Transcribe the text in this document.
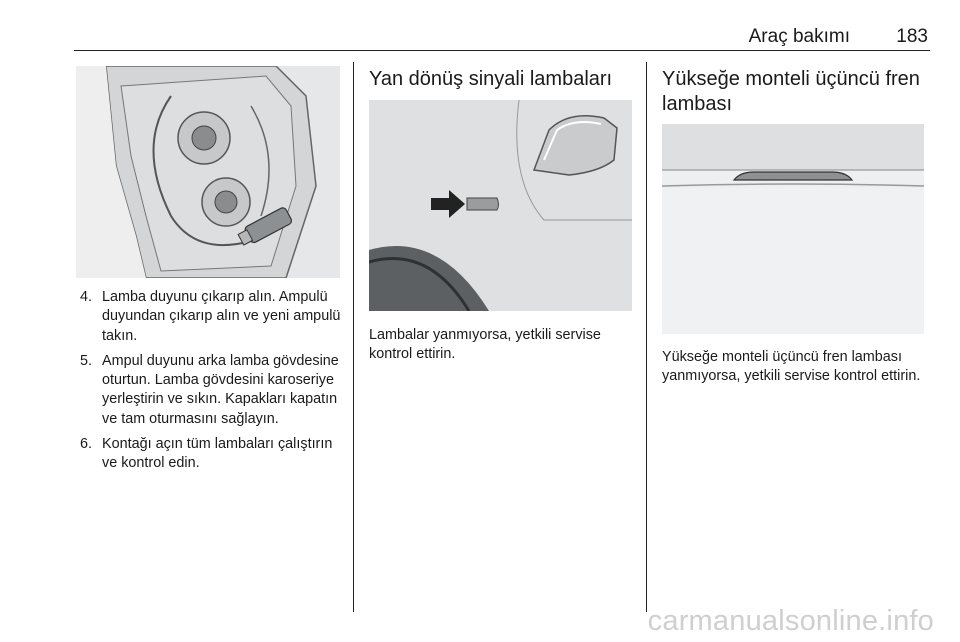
Araç bakımı 183
4. Lamba duyunu çıkarıp alın. Ampulü duyundan çıkarıp alın ve yeni ampulü takın.
5. Ampul duyunu arka lamba gövdesine oturtun. Lamba gövdesini karoseriye yerleştirin ve sıkın. Kapakları kapatın ve tam oturmasını sağlayın.
6. Kontağı açın tüm lambaları çalıştırın ve kontrol edin.
Yan dönüş sinyali lambaları

Lambalar yanmıyorsa, yetkili servise kontrol ettirin.

Yükseğe monteli üçüncü fren lambası

Yükseğe monteli üçüncü fren lambası yanmıyorsa, yetkili servise kontrol ettirin.

carmanualsonline.info
